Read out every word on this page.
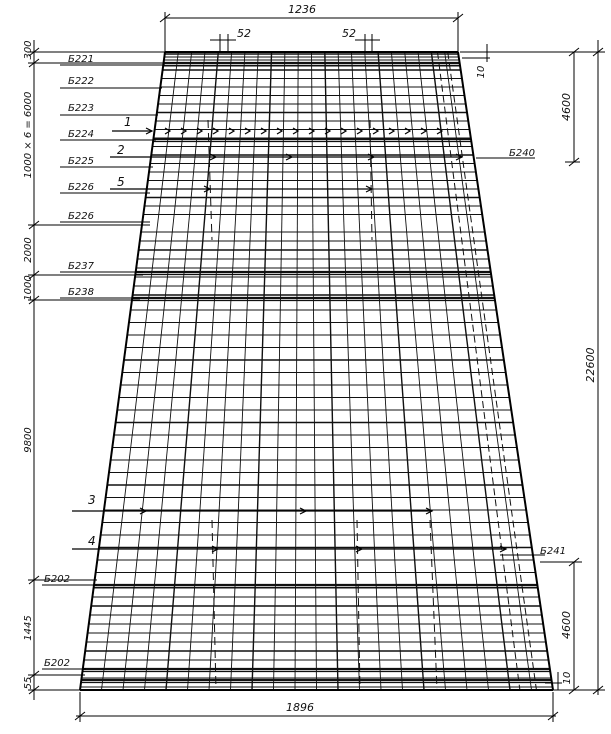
1236
52	52
1896
22600
4600
4600
10
10
Б240
Б241
300
1000 × 6 = 6000
2000
1000
9800
1445
55
Б221
Б222
Б223
Б224
Б225
Б226
Б226
Б237
Б238
Б202
Б202
1
2
5
3
4
